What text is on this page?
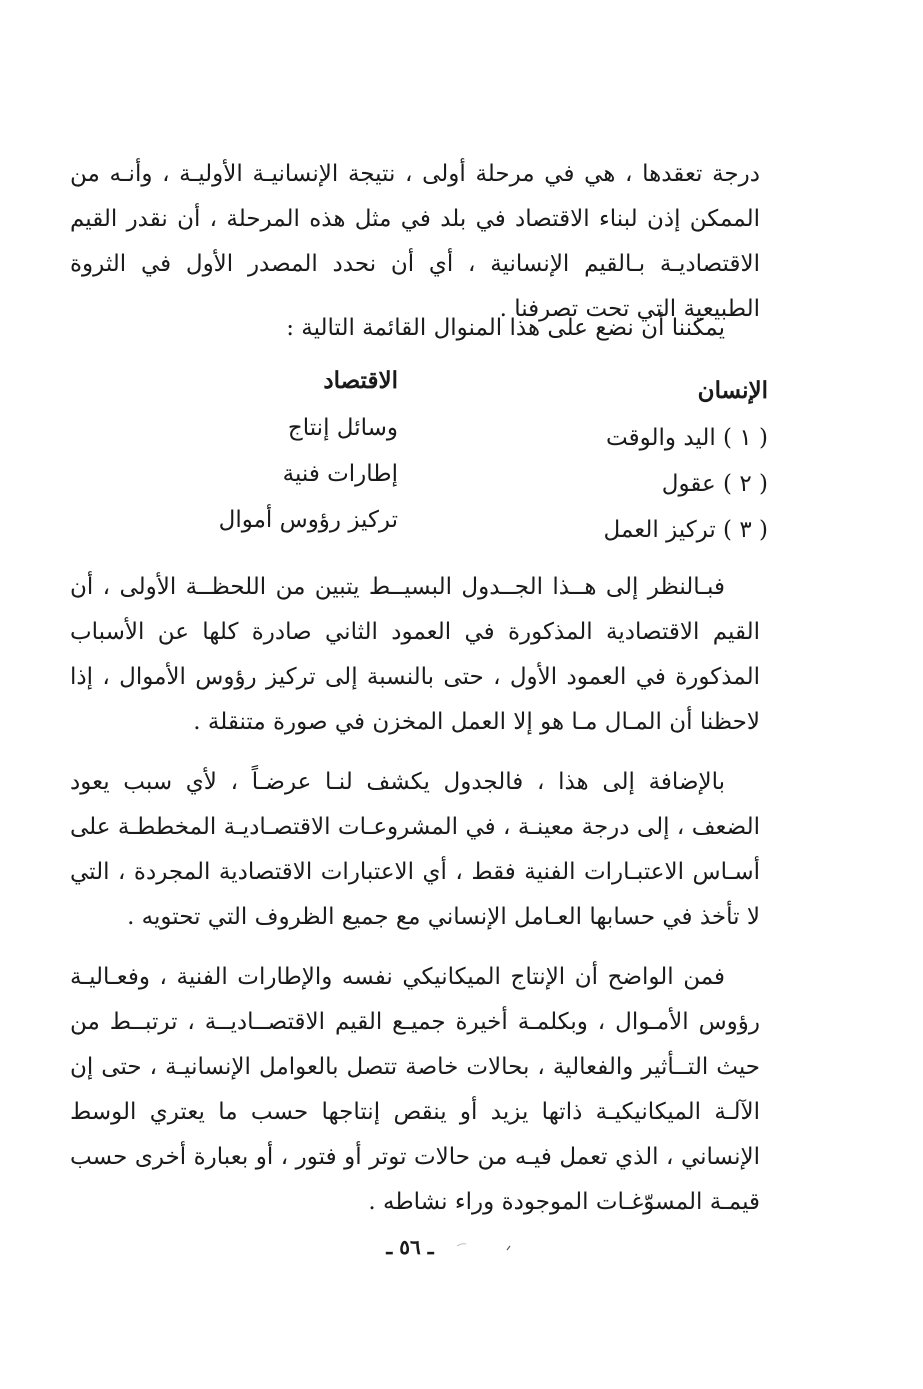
درجة تعقدها ، هي في مرحلة أولى ، نتيجة الإنسانيـة الأوليـة ، وأنـه من الممكن إذن لبناء الاقتصاد في بلد في مثل هذه المرحلة ، أن نقدر القيم الاقتصاديـة بـالقيم الإنسانية ، أي أن نحدد المصدر الأول في الثروة الطبيعية التي تحت تصرفنا .

يمكننا أن نضع على هذا المنوال القائمة التالية :

الإنسان
( ١ ) اليد والوقت
( ٢ ) عقول
( ٣ ) تركيز العمل
الاقتصاد
وسائل إنتاج
إطارات فنية
تركيز رؤوس أموال

فبـالنظر إلى هــذا الجــدول البسيــط يتبين من اللحظــة الأولى ، أن القيم الاقتصادية المذكورة في العمود الثاني صادرة كلها عن الأسباب المذكورة في العمود الأول ، حتى بالنسبة إلى تركيز رؤوس الأموال ، إذا لاحظنا أن المـال مـا هو إلا العمل المخزن في صورة متنقلة .

بالإضافة إلى هذا ، فالجدول يكشف لنـا عرضـاً ، لأي سبب يعود الضعف ، إلى درجة معينـة ، في المشروعـات الاقتصـاديـة المخططـة على أسـاس الاعتبـارات الفنية فقط ، أي الاعتبارات الاقتصادية المجردة ، التي لا تأخذ في حسابها العـامل الإنساني مع جميع الظروف التي تحتويه .

فمن الواضح أن الإنتاج الميكانيكي نفسه والإطارات الفنية ، وفعـاليـة رؤوس الأمـوال ، وبكلمـة أخيرة جميـع القيم الاقتصــاديــة ، ترتبــط من حيث التــأثير والفعالية ، بحالات خاصة تتصل بالعوامل الإنسانيـة ، حتى إن الآلـة الميكانيكيـة ذاتها يزيد أو ينقص إنتاجها حسب ما يعتري الوسط الإنساني ، الذي تعمل فيـه من حالات توتر أو فتور ، أو بعبارة أخرى حسب قيمـة المسوّغـات الموجودة وراء نشاطه .

ـ ٥٦ ـ
